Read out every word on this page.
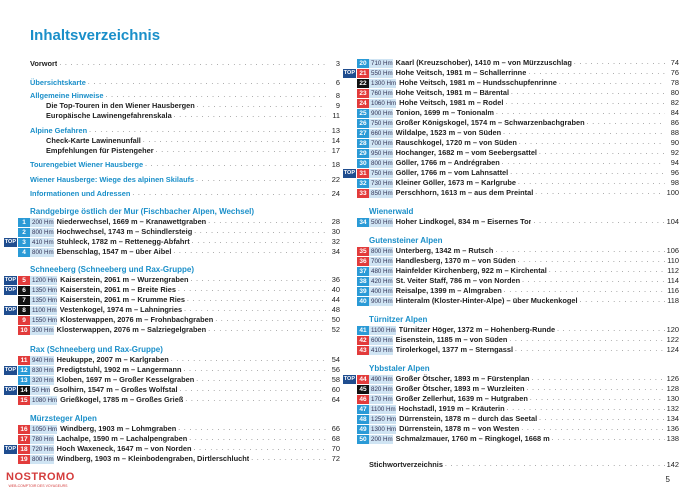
Inhaltsverzeichnis
Vorwort . . .	3
Übersichtskarte . . .	6
Allgemeine Hinweise . . .	8
Die Top-Touren in den Wiener Hausbergen . . .	9
Europäische Lawinengefahrenskala . . .	11
Alpine Gefahren . . .	13
Check-Karte Lawinenunfall . . .	14
Empfehlungen für Pistengeher . . .	17
Tourengebiet Wiener Hausberge . . .	18
Wiener Hausberge: Wiege des alpinen Skilaufs . . .	22
Informationen und Adressen . . .	24
Randgebirge östlich der Mur (Fischbacher Alpen, Wechsel)
1 200 Hm Niederwechsel, 1669 m – Kranawettgraben . . .	28
2 800 Hm Hochwechsel, 1743 m – Schindlersteig . . .	30
TOP 3 410 Hm Stuhleck, 1782 m – Rettenegg-Abfahrt . . .	32
4 800 Hm Ebenschlag, 1547 m – über Aibel . . .	34
Schneeberg (Schneeberg und Rax-Gruppe)
TOP 5 1200 Hm Kaiserstein, 2061 m – Wurzengraben . . .	36
TOP 6 1350 Hm Kaiserstein, 2061 m – Breite Ries . . .	40
7 1350 Hm Kaiserstein, 2061 m – Krumme Ries . . .	44
TOP 8 1100 Hm Vestenkogel, 1974 m – Lahningries . . .	48
9 1550 Hm Klosterwappen, 2076 m – Frohnbachgraben . . .	50
10 300 Hm Klosterwappen, 2076 m – Salzriegelgraben . . .	52
Rax (Schneeberg und Rax-Gruppe)
11 940 Hm Heukuppe, 2007 m – Karlgraben . . .	54
TOP 12 830 Hm Predigtstuhl, 1902 m – Langermann . . .	56
13 320 Hm Kloben, 1697 m – Großer Kesselgraben . . .	58
TOP 14 50 Hm Gsolhirn, 1547 m – Großes Wolfstal . . .	60
15 1080 Hm Grießkogel, 1785 m – Großes Grieß . . .	64
Mürzsteger Alpen
16 1050 Hm Windberg, 1903 m – Lohmgraben . . .	66
17 780 Hm Lachalpe, 1590 m – Lachalpengraben . . .	68
TOP 18 720 Hm Hoch Waxeneck, 1647 m – von Norden . . .	70
19 800 Hm Windberg, 1903 m – Kleinbodengraben, Dirtlerschlucht . . .	72
20 710 Hm Kaarl (Kreuzschober), 1410 m – von Mürzzuschlag . . .	74
TOP 21 550 Hm Hohe Veitsch, 1981 m – Schallerrinne . . .	76
22 1300 Hm Hohe Veitsch, 1981 m – Hundsschupfenrinne . . .	78
23 760 Hm Hohe Veitsch, 1981 m – Bärental . . .	80
24 1060 Hm Hohe Veitsch, 1981 m – Rodel . . .	82
25 900 Hm Tonion, 1699 m – Tonionalm . . .	84
26 750 Hm Großer Königskogel, 1574 m – Schwarzenbachgraben . . .	86
27 660 Hm Wildalpe, 1523 m – von Süden . . .	88
28 700 Hm Rauschkogel, 1720 m – von Süden . . .	90
29 950 Hm Hochanger, 1682 m – vom Seebergsattel . . .	92
30 800 Hm Göller, 1766 m – Andrégraben . . .	94
TOP 31 750 Hm Göller, 1766 m – vom Lahnsattel . . .	96
32 730 Hm Kleiner Göller, 1673 m – Karlgrube . . .	98
33 850 Hm Perschhorn, 1613 m – aus dem Preintal . . .	100
Wienerwald
34 500 Hm Hoher Lindkogel, 834 m – Eisernes Tor . . .	104
Gutensteiner Alpen
35 800 Hm Unterberg, 1342 m – Rutsch . . .	106
36 700 Hm Handlesberg, 1370 m – von Süden . . .	110
37 480 Hm Hainfelder Kirchenberg, 922 m – Kirchental . . .	112
38 420 Hm St. Veiter Staff, 786 m – von Norden . . .	114
39 400 Hm Reisalpe, 1399 m – Almgraben . . .	116
40 900 Hm Hinteralm (Kloster-Hinter-Alpe) – über Muckenkogel . . .	118
Türnitzer Alpen
41 1100 Hm Türnitzer Höger, 1372 m – Hohenberg-Runde . . .	120
42 600 Hm Eisenstein, 1185 m – von Süden . . .	122
43 410 Hm Tirolerkogel, 1377 m – Sterngassl . . .	124
Ybbstaler Alpen
TOP 44 490 Hm Großer Ötscher, 1893 m – Fürstenplan . . .	126
45 820 Hm Großer Ötscher, 1893 m – Wurzleiten . . .	128
46 170 Hm Großer Zellerhut, 1639 m – Hutgraben . . .	130
47 1100 Hm Hochstadl, 1919 m – Kräuterin . . .	132
48 1250 Hm Dürrenstein, 1878 m – durch das Seetal . . .	134
49 1300 Hm Dürrenstein, 1878 m – von Westen . . .	136
50 200 Hm Schmalzmauer, 1760 m – Ringkogel, 1668 m . . .	138
Stichwortverzeichnis . . .	142
NOSTROMO
WEB-COMPTOIR DES VOYAGEURS
5
